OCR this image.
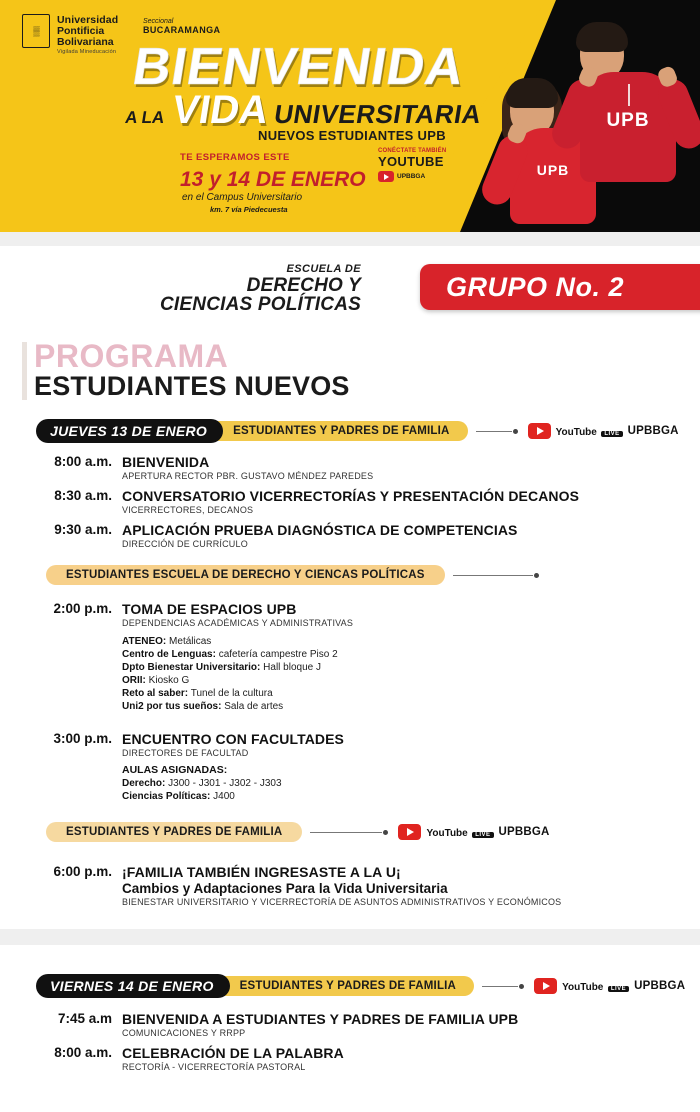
▒
Universidad
Pontificia
Bolivariana
Vigilada Mineducación
Seccional
BUCARAMANGA
BIENVENIDA
A LA VIDA UNIVERSITARIA
NUEVOS ESTUDIANTES UPB
TE ESPERAMOS ESTE
13 y 14 DE ENERO
en el Campus Universitario
km. 7 vía Piedecuesta
CONÉCTATE TAMBIÉN
YOUTUBE
UPBBGA	UPB
UPB
ESCUELA DE
DERECHO Y
CIENCIAS POLÍTICAS
GRUPO No. 2
PROGRAMA
ESTUDIANTES NUEVOS
JUEVES 13 DE ENERO	ESTUDIANTES Y PADRES DE FAMILIA	YouTube LIVE UPBBGA
8:00 a.m. BIENVENIDA
APERTURA RECTOR PBR. GUSTAVO MÉNDEZ PAREDES
8:30 a.m. CONVERSATORIO VICERRECTORÍAS Y PRESENTACIÓN DECANOS
VICERRECTORES, DECANOS
9:30 a.m. APLICACIÓN PRUEBA DIAGNÓSTICA DE COMPETENCIAS
DIRECCIÓN DE CURRÍCULO
ESTUDIANTES ESCUELA DE DERECHO Y CIENCAS POLÍTICAS
2:00 p.m. TOMA DE ESPACIOS UPB
DEPENDENCIAS ACADÉMICAS Y ADMINISTRATIVAS
ATENEO: Metálicas
Centro de Lenguas: cafetería campestre Piso 2
Dpto Bienestar Universitario: Hall bloque J
ORII: Kiosko G
Reto al saber: Tunel de la cultura
Uni2 por tus sueños: Sala de artes
3:00 p.m. ENCUENTRO CON FACULTADES
DIRECTORES DE FACULTAD
AULAS ASIGNADAS:
Derecho: J300 - J301 - J302 - J303
Ciencias Políticas: J400
ESTUDIANTES Y PADRES DE FAMILIA	YouTube LIVE UPBBGA
6:00 p.m. ¡FAMILIA TAMBIÉN INGRESASTE A LA U¡
Cambios y Adaptaciones Para la Vida Universitaria
BIENESTAR UNIVERSITARIO Y VICERRECTORÍA DE ASUNTOS ADMINISTRATIVOS Y ECONÓMICOS
VIERNES 14 DE ENERO	ESTUDIANTES Y PADRES DE FAMILIA	YouTube LIVE UPBBGA
7:45 a.m BIENVENIDA A ESTUDIANTES Y PADRES DE FAMILIA UPB
COMUNICACIONES Y RRPP
8:00 a.m. CELEBRACIÓN DE LA PALABRA
RECTORÍA - VICERRECTORÍA PASTORAL
